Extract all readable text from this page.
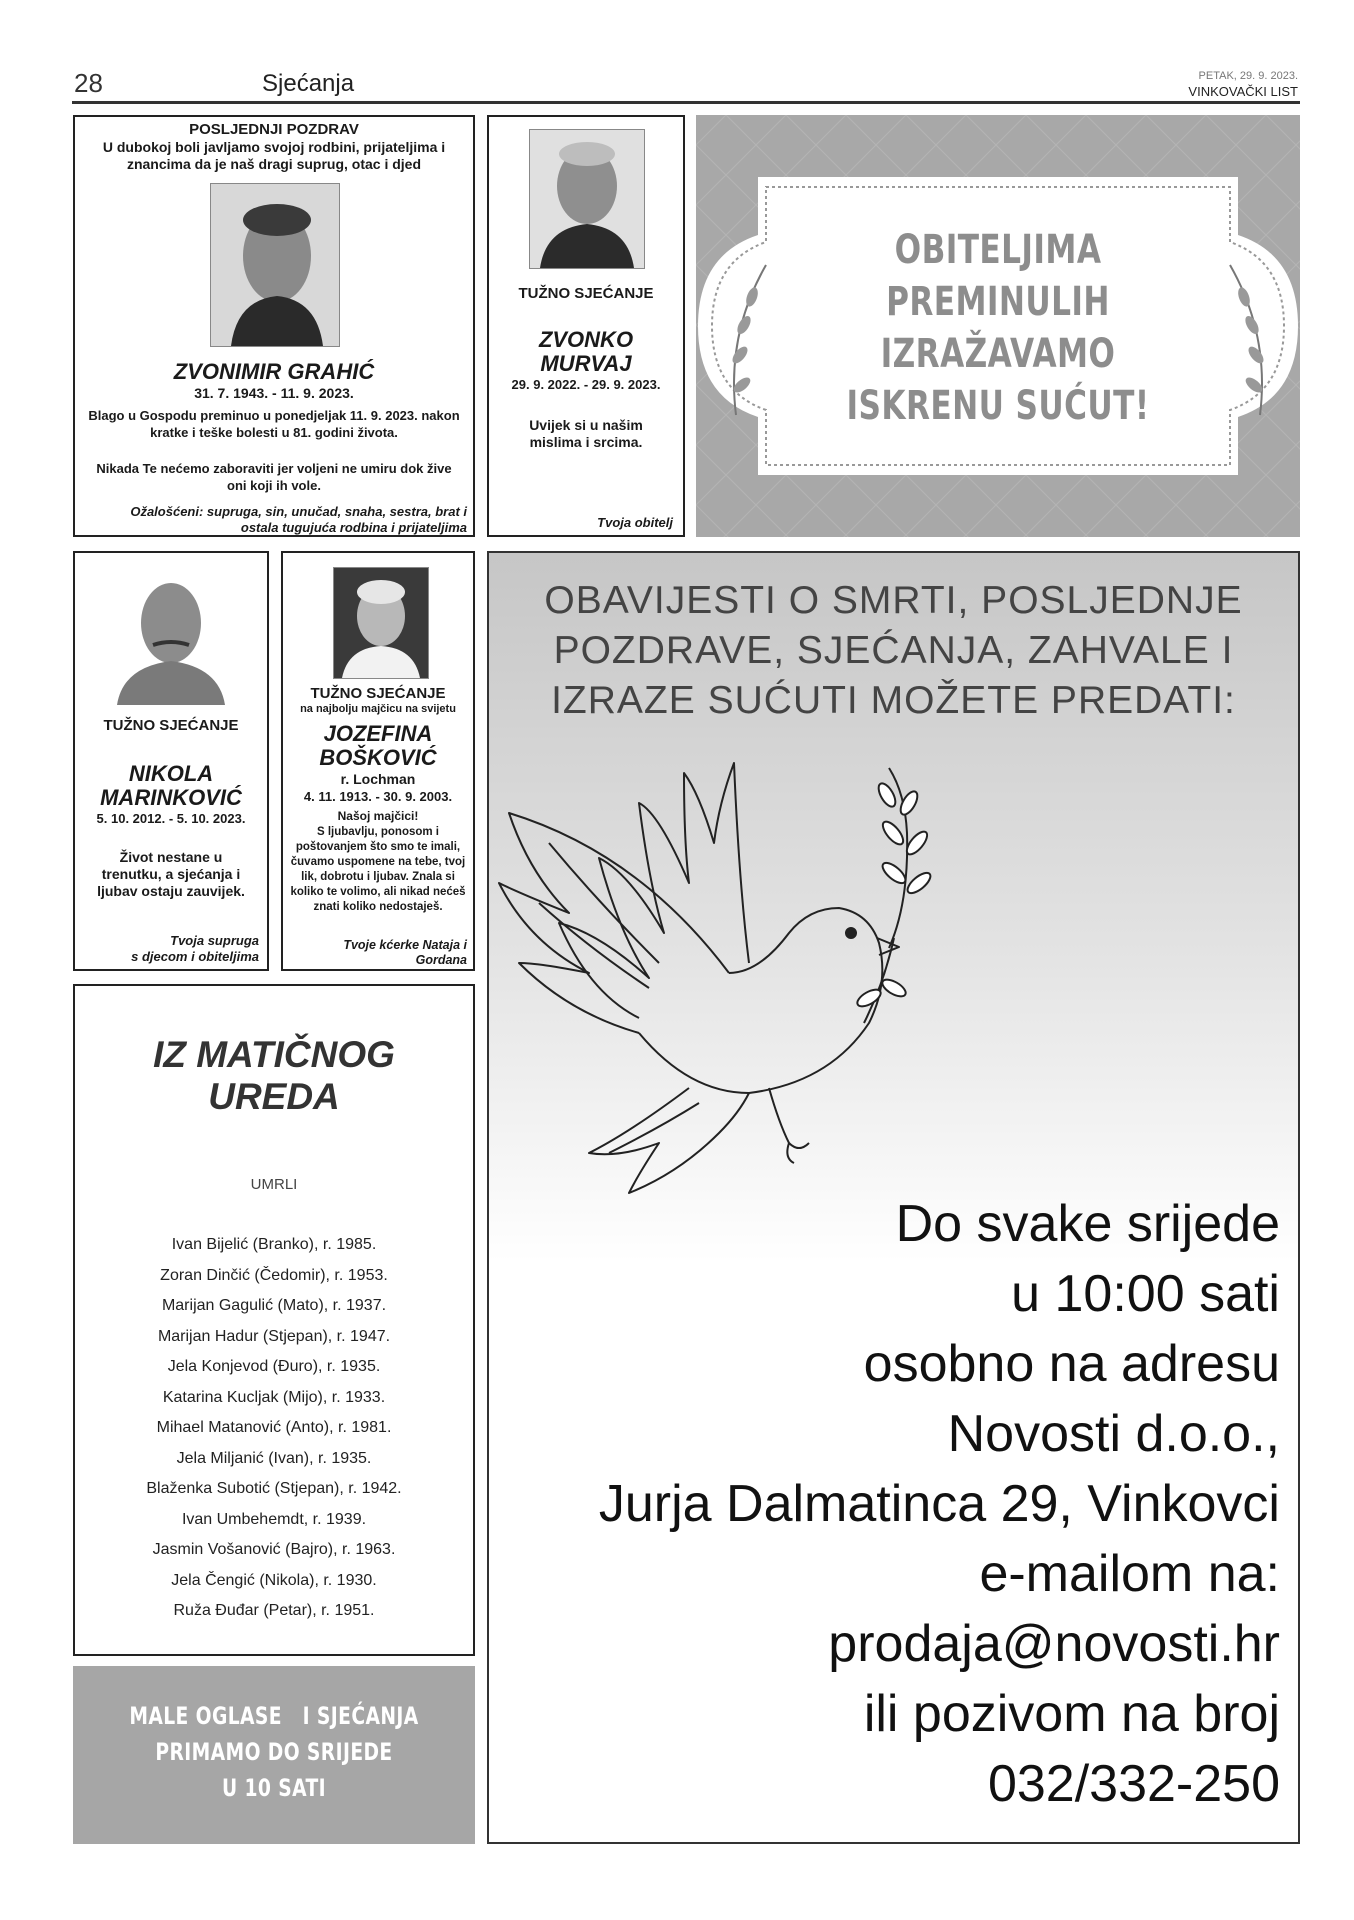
28	Sjećanja	PETAK, 29. 9. 2023.
VINKOVAČKI LIST
POSLJEDNJI POZDRAV
U dubokoj boli javljamo svojoj rodbini, prijateljima i znancima da je naš dragi suprug, otac i djed
ZVONIMIR GRAHIĆ
31. 7. 1943. - 11. 9. 2023.
Blago u Gospodu preminuo u ponedjeljak 11. 9. 2023. nakon kratke i teške bolesti u 81. godini života.
Nikada Te nećemo zaboraviti jer voljeni ne umiru dok žive oni koji ih vole.
Ožalošćeni: supruga, sin, unučad, snaha, sestra, brat i ostala tugujuća rodbina i prijateljima
TUŽNO SJEĆANJE
ZVONKO
MURVAJ
29. 9. 2022. - 29. 9. 2023.
Uvijek si u našim mislima i srcima.
Tvoja obitelj
OBITELJIMA
PREMINULIH
IZRAŽAVAMO
ISKRENU SUĆUT!
TUŽNO SJEĆANJE
NIKOLA
MARINKOVIĆ
5. 10. 2012. - 5. 10. 2023.
Život nestane u trenutku, a sjećanja i ljubav ostaju zauvijek.
Tvoja supruga
s djecom i obiteljima
TUŽNO SJEĆANJE
na najbolju majčicu na svijetu
JOZEFINA
BOŠKOVIĆ
r. Lochman
4. 11. 1913. - 30. 9. 2003.
Našoj majčici!
S ljubavlju, ponosom i poštovanjem što smo te imali, čuvamo uspomene na tebe, tvoj lik, dobrotu i ljubav. Znala si koliko te volimo, ali nikad nećeš znati koliko nedostaješ.
Tvoje kćerke Nataja i Gordana
IZ MATIČNOG
UREDA
UMRLI
Ivan Bijelić (Branko), r. 1985.
Zoran Dinčić (Čedomir), r. 1953.
Marijan Gagulić (Mato), r. 1937.
Marijan Hadur (Stjepan), r. 1947.
Jela Konjevod (Đuro), r. 1935.
Katarina Kucljak (Mijo), r. 1933.
Mihael Matanović (Anto), r. 1981.
Jela Miljanić (Ivan), r. 1935.
Blaženka Subotić (Stjepan), r. 1942.
Ivan Umbehemdt, r. 1939.
Jasmin Vošanović (Bajro), r. 1963.
Jela Čengić (Nikola), r. 1930.
Ruža Đuđar (Petar), r. 1951.
MALE OGLASE   I SJEĆANJA
PRIMAMO DO SRIJEDE
U 10 SATI
OBAVIJESTI O SMRTI, POSLJEDNJE
POZDRAVE, SJEĆANJA, ZAHVALE I
IZRAZE SUĆUTI MOŽETE PREDATI:
Do svake srijede
u 10:00 sati
osobno na adresu
Novosti d.o.o.,
Jurja Dalmatinca 29, Vinkovci
e-mailom na:
prodaja@novosti.hr
ili pozivom na broj
032/332-250
